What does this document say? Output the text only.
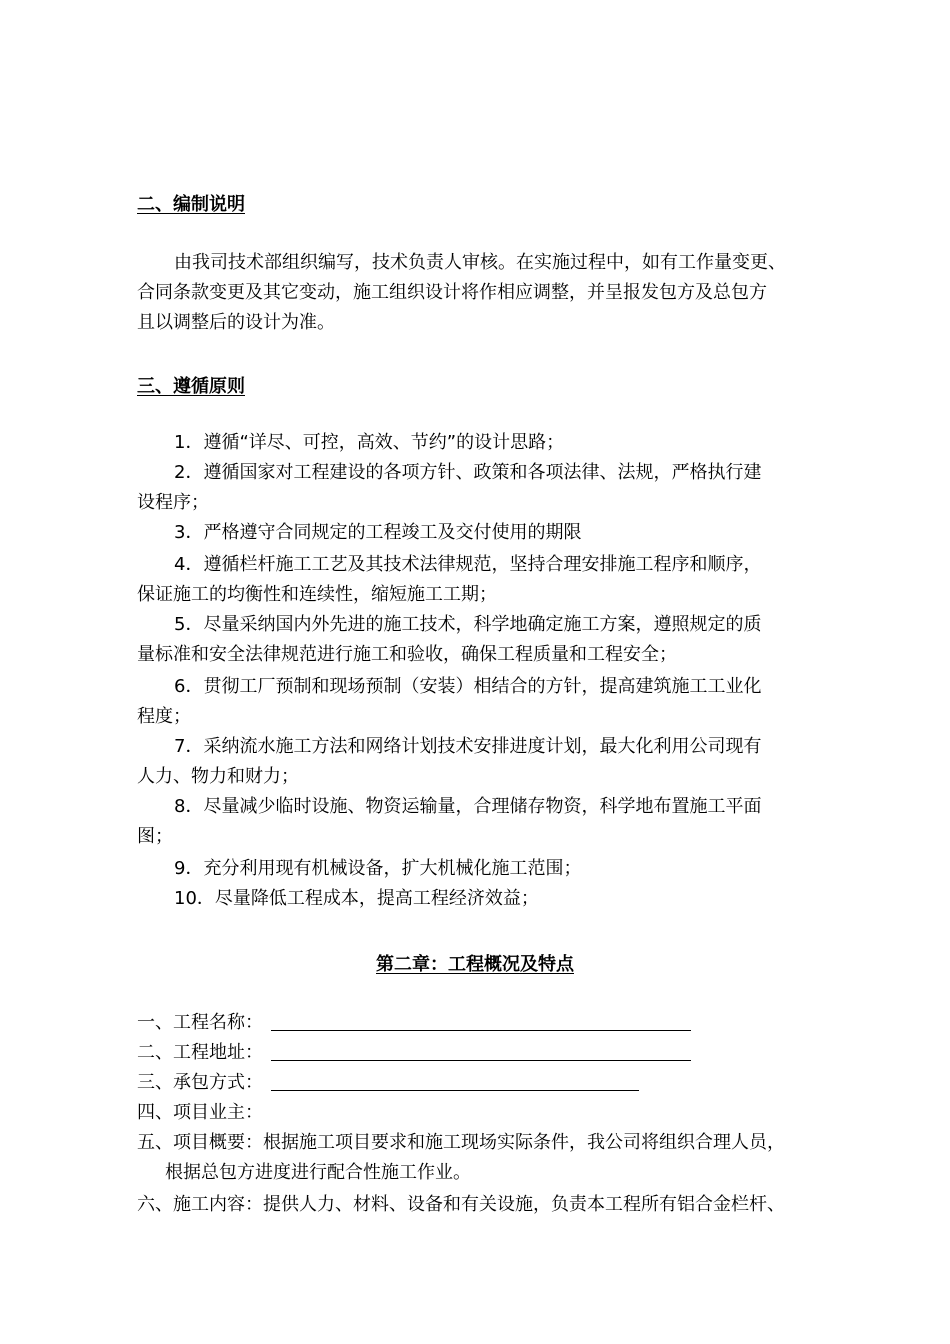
二、编制说明
由我司技术部组织编写，技术负责人审核。在实施过程中，如有工作量变更、
合同条款变更及其它变动，施工组织设计将作相应调整，并呈报发包方及总包方
且以调整后的设计为准。
三、遵循原则
1．遵循“详尽、可控，高效、节约”的设计思路；
2．遵循国家对工程建设的各项方针、政策和各项法律、法规，严格执行建
设程序；
3．严格遵守合同规定的工程竣工及交付使用的期限
4．遵循栏杆施工工艺及其技术法律规范，坚持合理安排施工程序和顺序，
保证施工的均衡性和连续性，缩短施工工期；
5．尽量采纳国内外先进的施工技术，科学地确定施工方案，遵照规定的质
量标准和安全法律规范进行施工和验收，确保工程质量和工程安全；
6．贯彻工厂预制和现场预制（安装）相结合的方针，提高建筑施工工业化
程度；
7．采纳流水施工方法和网络计划技术安排进度计划，最大化利用公司现有
人力、物力和财力；
8．尽量减少临时设施、物资运输量，合理储存物资，科学地布置施工平面
图；
9．充分利用现有机械设备，扩大机械化施工范围；
10．尽量降低工程成本，提高工程经济效益；
第二章：工程概况及特点
一、工程名称：
二、工程地址：
三、承包方式：
四、项目业主：
五、项目概要：根据施工项目要求和施工现场实际条件，我公司将组织合理人员，
根据总包方进度进行配合性施工作业。
六、施工内容：提供人力、材料、设备和有关设施，负责本工程所有铝合金栏杆、
